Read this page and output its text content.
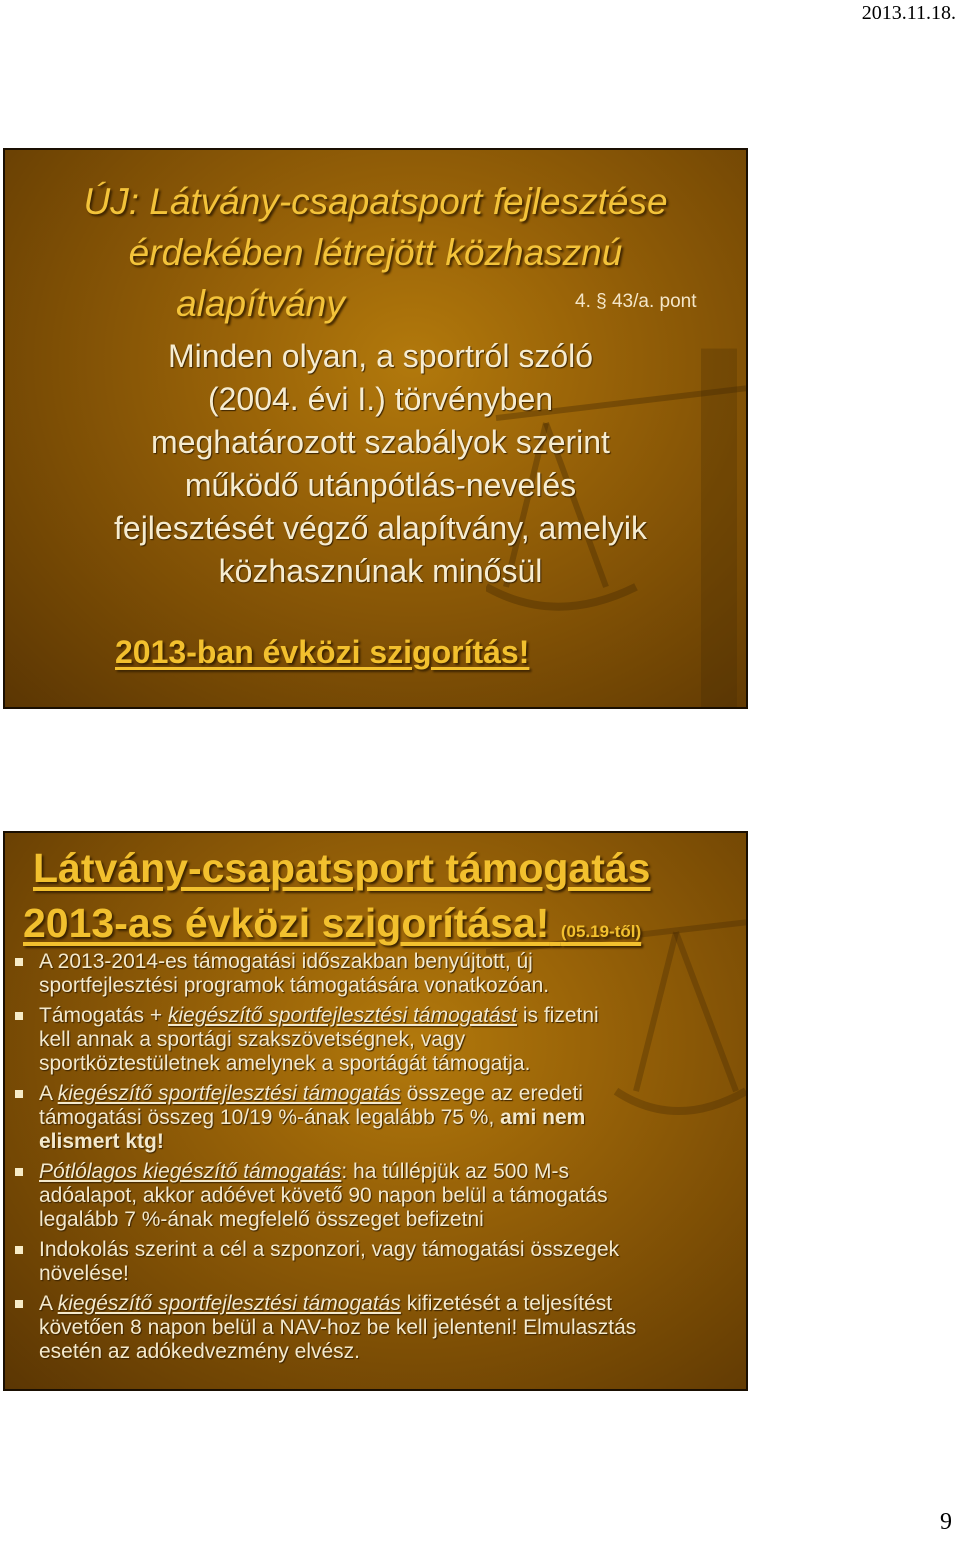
2013.11.18.
ÚJ: Látvány-csapatsport fejlesztése
érdekében létrejött közhasznú
alapítvány	4. § 43/a. pont
Minden olyan, a sportról szóló
(2004. évi I.) törvényben
meghatározott szabályok szerint
működő utánpótlás-nevelés
fejlesztését végző alapítvány, amelyik
közhasznúnak minősül
2013-ban évközi szigorítás!
Látvány-csapatsport támogatás
2013-as évközi szigorítása! (05.19-től)
A 2013-2014-es támogatási időszakban benyújtott, új
sportfejlesztési programok támogatására vonatkozóan.
Támogatás + kiegészítő sportfejlesztési támogatást is fizetni
kell annak a sportági szakszövetségnek, vagy
sportköztestületnek amelynek a sportágát támogatja.
A kiegészítő sportfejlesztési támogatás összege az eredeti
támogatási összeg 10/19 %-ának legalább 75 %, ami nem
elismert ktg!
Pótlólagos kiegészítő támogatás: ha túllépjük az 500 M-s
adóalapot, akkor adóévet követő 90 napon belül a támogatás
legalább 7 %-ának megfelelő összeget befizetni
Indokolás szerint a cél a szponzori, vagy támogatási összegek
növelése!
A kiegészítő sportfejlesztési támogatás kifizetését a teljesítést
követően 8 napon belül a NAV-hoz be kell jelenteni! Elmulasztás
esetén az adókedvezmény elvész.
9
